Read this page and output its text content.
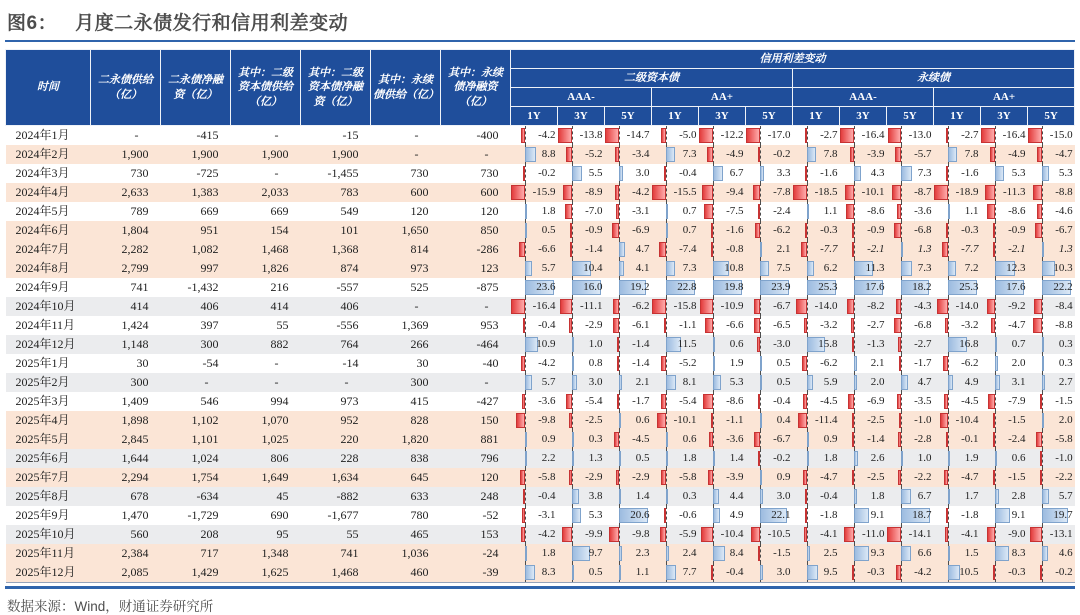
图6： 月度二永债发行和信用利差变动
时间	二永债供给（亿）	二永债净融资（亿）	其中：二级资本债供给（亿）	其中：二级资本债净融资（亿）	其中：永续债供给（亿）	其中：永续债净融资（亿）	信用利差变动											
							二级资本债						永续债					
							AAA-			AA+			AAA-			AA+		
							1Y	3Y	5Y	1Y	3Y	5Y	1Y	3Y	5Y	1Y	3Y	5Y
2024年1月	-	-415	-	-15	-	-400	-4.2	-13.8	-14.7	-5.0	-12.2	-17.0	-2.7	-16.4	-13.0	-2.7	-16.4	-15.0
2024年2月	1,900	1,900	1,900	1,900	-	-	8.8	-5.2	-3.4	7.3	-4.9	-0.2	7.8	-3.9	-5.7	7.8	-4.9	-4.7
2024年3月	730	-725	-	-1,455	730	730	-0.2	5.5	3.0	-0.4	6.7	3.3	-1.6	4.3	7.3	-1.6	5.3	5.3
2024年4月	2,633	1,383	2,033	783	600	600	-15.9	-8.9	-4.2	-15.5	-9.4	-7.8	-18.5	-10.1	-8.7	-18.9	-11.3	-8.8
2024年5月	789	669	669	549	120	120	1.8	-7.0	-3.1	0.7	-7.5	-2.4	1.1	-8.6	-3.6	1.1	-8.6	-4.6
2024年6月	1,804	951	154	101	1,650	850	0.5	-0.9	-6.9	0.7	-1.6	-6.2	-0.3	-0.9	-6.8	-0.3	-0.9	-6.7
2024年7月	2,282	1,082	1,468	1,368	814	-286	-6.6	-1.4	4.7	-7.4	-0.8	2.1	-7.7	-2.1	1.3	-7.7	-2.1	1.3
2024年8月	2,799	997	1,826	874	973	123	5.7	10.4	4.1	7.3	10.8	7.5	6.2	11.3	7.3	7.2	12.3	10.3
2024年9月	741	-1,432	216	-557	525	-875	23.6	16.0	19.2	22.8	19.8	23.9	25.3	17.6	18.2	25.3	17.6	22.2
2024年10月	414	406	414	406	-	-	-16.4	-11.1	-6.2	-15.8	-10.9	-6.7	-14.0	-8.2	-4.3	-14.0	-9.2	-8.4
2024年11月	1,424	397	55	-556	1,369	953	-0.4	-2.9	-6.1	-1.1	-6.6	-6.5	-3.2	-2.7	-6.8	-3.2	-4.7	-8.8
2024年12月	1,148	300	882	764	266	-464	10.9	1.0	-1.4	11.5	0.6	-3.0	15.8	-1.3	-2.7	16.8	0.7	0.3
2025年1月	30	-54	-	-14	30	-40	-4.2	0.8	-1.4	-5.2	1.9	0.5	-6.2	2.1	-1.7	-6.2	2.0	0.3
2025年2月	300	-	-	-	300	-	5.7	3.0	2.1	8.1	5.3	0.5	5.9	2.0	4.7	4.9	3.1	2.7
2025年3月	1,409	546	994	973	415	-427	-3.6	-5.4	-1.7	-5.4	-8.6	-0.4	-4.5	-6.9	-3.5	-4.5	-7.9	-1.5
2025年4月	1,898	1,102	1,070	952	828	150	-9.8	-2.5	0.6	-10.1	-1.1	0.4	-11.4	-2.5	-1.0	-10.4	-1.5	2.0
2025年5月	2,845	1,101	1,025	220	1,820	881	0.9	0.3	-4.5	0.6	-3.6	-6.7	0.9	-1.4	-2.8	-0.1	-2.4	-5.8
2025年6月	1,644	1,024	806	228	838	796	2.2	1.3	0.5	1.8	1.4	-0.2	1.8	2.6	1.0	1.9	0.6	-1.0
2025年7月	2,294	1,754	1,649	1,634	645	120	-5.8	-2.9	-2.9	-5.8	-3.9	0.9	-4.7	-2.5	-2.2	-4.7	-1.5	-2.2
2025年8月	678	-634	45	-882	633	248	-0.4	3.8	1.4	0.3	4.4	3.0	-0.4	1.8	6.7	1.7	2.8	5.7
2025年9月	1,470	-1,729	690	-1,677	780	-52	-3.1	5.3	20.6	-0.6	4.9	22.1	-1.8	9.1	18.7	-1.8	9.1	19.7
2025年10月	560	208	95	55	465	153	-4.2	-9.9	-9.8	-5.9	-10.4	-10.5	-4.1	-11.0	-14.1	-4.1	-9.0	-13.1
2025年11月	2,384	717	1,348	741	1,036	-24	1.8	9.7	2.3	2.4	8.4	-1.5	2.5	9.3	6.6	1.5	8.3	4.6
2025年12月	2,085	1,429	1,625	1,468	460	-39	8.3	0.5	1.1	7.7	-0.4	3.0	9.5	-0.3	-4.2	10.5	-0.3	-0.2
数据来源：Wind，财通证券研究所
